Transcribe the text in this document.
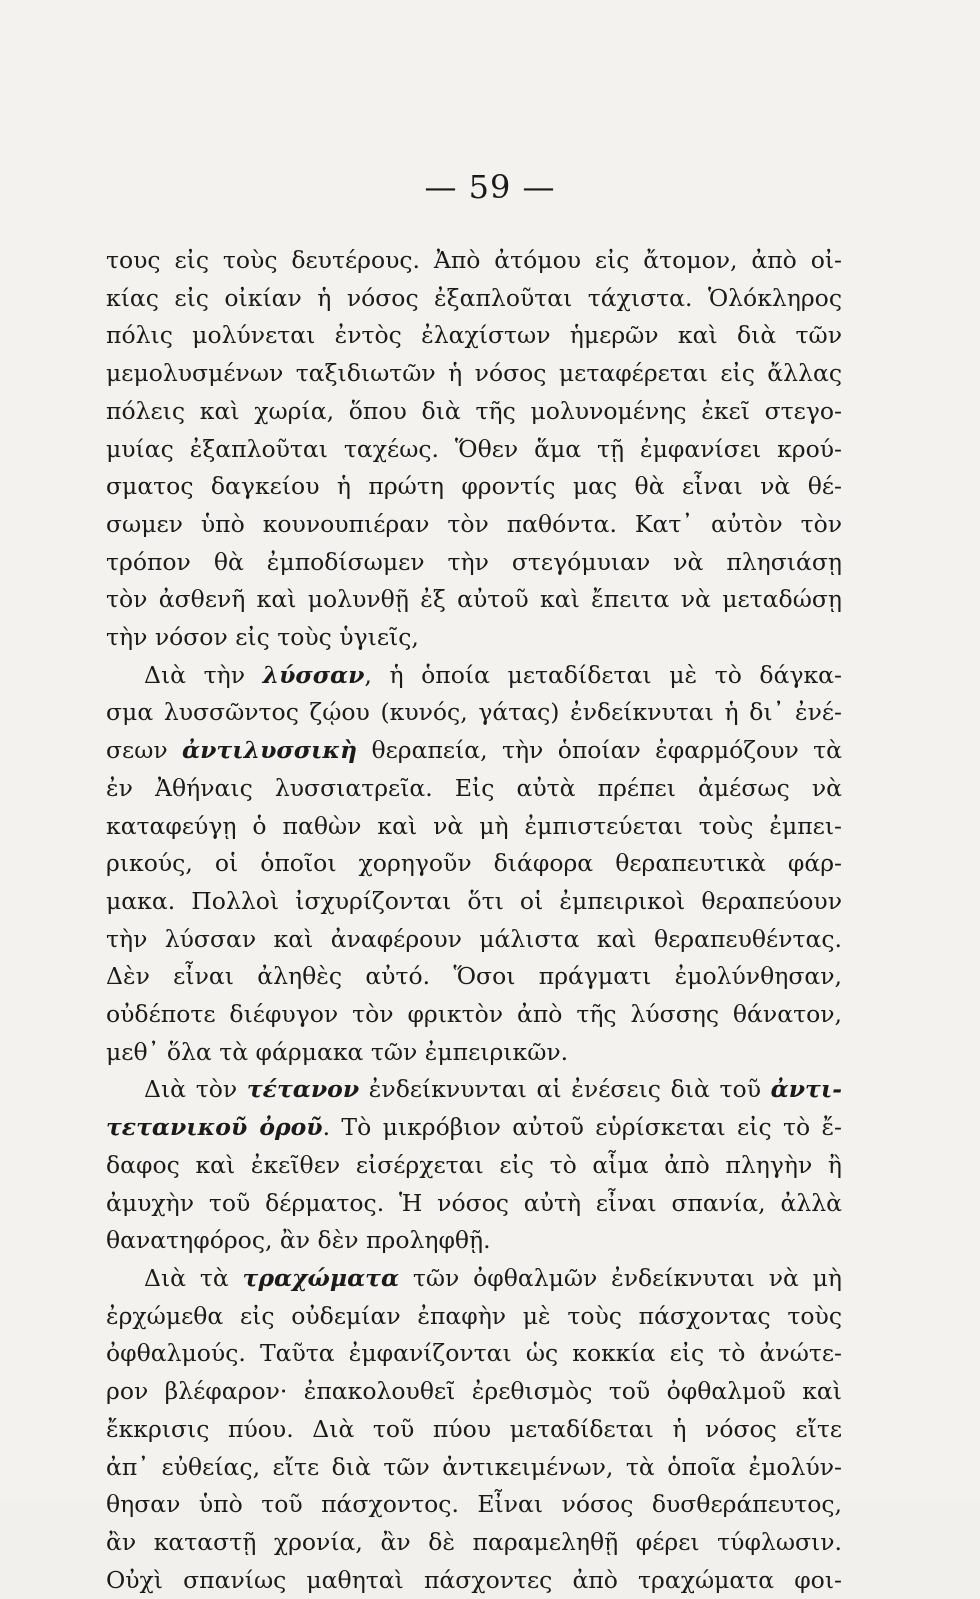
— 59 —
τους εἰς τοὺς δευτέρους. Ἀπὸ ἀτόμου εἰς ἄτομον, ἀπὸ οἰ-
κίας εἰς οἰκίαν ἡ νόσος ἐξαπλοῦται τάχιστα. Ὁλόκληρος
πόλις μολύνεται ἐντὸς ἐλαχίστων ἡμερῶν καὶ διὰ τῶν
μεμολυσμένων ταξιδιωτῶν ἡ νόσος μεταφέρεται εἰς ἄλλας
πόλεις καὶ χωρία, ὅπου διὰ τῆς μολυνομένης ἐκεῖ στεγο-
μυίας ἐξαπλοῦται ταχέως. Ὅθεν ἅμα τῇ ἐμφανίσει κρού-
σματος δαγκείου ἡ πρώτη φροντίς μας θὰ εἶναι νὰ θέ-
σωμεν ὑπὸ κουνουπιέραν τὸν παθόντα. Κατ᾽ αὐτὸν τὸν
τρόπον θὰ ἐμποδίσωμεν τὴν στεγόμυιαν νὰ πλησιάσῃ
τὸν ἀσθενῆ καὶ μολυνθῇ ἐξ αὐτοῦ καὶ ἔπειτα νὰ μεταδώσῃ
τὴν νόσον εἰς τοὺς ὑγιεῖς,
Διὰ τὴν λύσσαν, ἡ ὁποία μεταδίδεται μὲ τὸ δάγκα-
σμα λυσσῶντος ζῴου (κυνός, γάτας) ἐνδείκνυται ἡ δι᾽ ἐνέ-
σεων ἀντιλυσσικὴ θεραπεία, τὴν ὁποίαν ἐφαρμόζουν τὰ
ἐν Ἀθήναις λυσσιατρεῖα. Εἰς αὐτὰ πρέπει ἀμέσως νὰ
καταφεύγῃ ὁ παθὼν καὶ νὰ μὴ ἐμπιστεύεται τοὺς ἐμπει-
ρικούς, οἱ ὁποῖοι χορηγοῦν διάφορα θεραπευτικὰ φάρ-
μακα. Πολλοὶ ἰσχυρίζονται ὅτι οἱ ἐμπειρικοὶ θεραπεύουν
τὴν λύσσαν καὶ ἀναφέρουν μάλιστα καὶ θεραπευθέντας.
Δὲν εἶναι ἀληθὲς αὐτό. Ὅσοι πράγματι ἐμολύνθησαν,
οὐδέποτε διέφυγον τὸν φρικτὸν ἀπὸ τῆς λύσσης θάνατον,
μεθ᾽ ὅλα τὰ φάρμακα τῶν ἐμπειρικῶν.
Διὰ τὸν τέτανον ἐνδείκνυνται αἱ ἐνέσεις διὰ τοῦ ἀντι-
τετανικοῦ ὀροῦ. Τὸ μικρόβιον αὐτοῦ εὑρίσκεται εἰς τὸ ἔ-
δαφος καὶ ἐκεῖθεν εἰσέρχεται εἰς τὸ αἷμα ἀπὸ πληγὴν ἢ
ἀμυχὴν τοῦ δέρματος. Ἡ νόσος αὐτὴ εἶναι σπανία, ἀλλὰ
θανατηφόρος, ἂν δὲν προληφθῇ.
Διὰ τὰ τραχώματα τῶν ὀφθαλμῶν ἐνδείκνυται νὰ μὴ
ἐρχώμεθα εἰς οὐδεμίαν ἐπαφὴν μὲ τοὺς πάσχοντας τοὺς
ὀφθαλμούς. Ταῦτα ἐμφανίζονται ὡς κοκκία εἰς τὸ ἀνώτε-
ρον βλέφαρον· ἐπακολουθεῖ ἐρεθισμὸς τοῦ ὀφθαλμοῦ καὶ
ἔκκρισις πύου. Διὰ τοῦ πύου μεταδίδεται ἡ νόσος εἴτε
ἀπ᾽ εὐθείας, εἴτε διὰ τῶν ἀντικειμένων, τὰ ὁποῖα ἐμολύν-
θησαν ὑπὸ τοῦ πάσχοντος. Εἶναι νόσος δυσθεράπευτος,
ἂν καταστῇ χρονία, ἂν δὲ παραμεληθῇ φέρει τύφλωσιν.
Οὐχὶ σπανίως μαθηταὶ πάσχοντες ἀπὸ τραχώματα φοι-
